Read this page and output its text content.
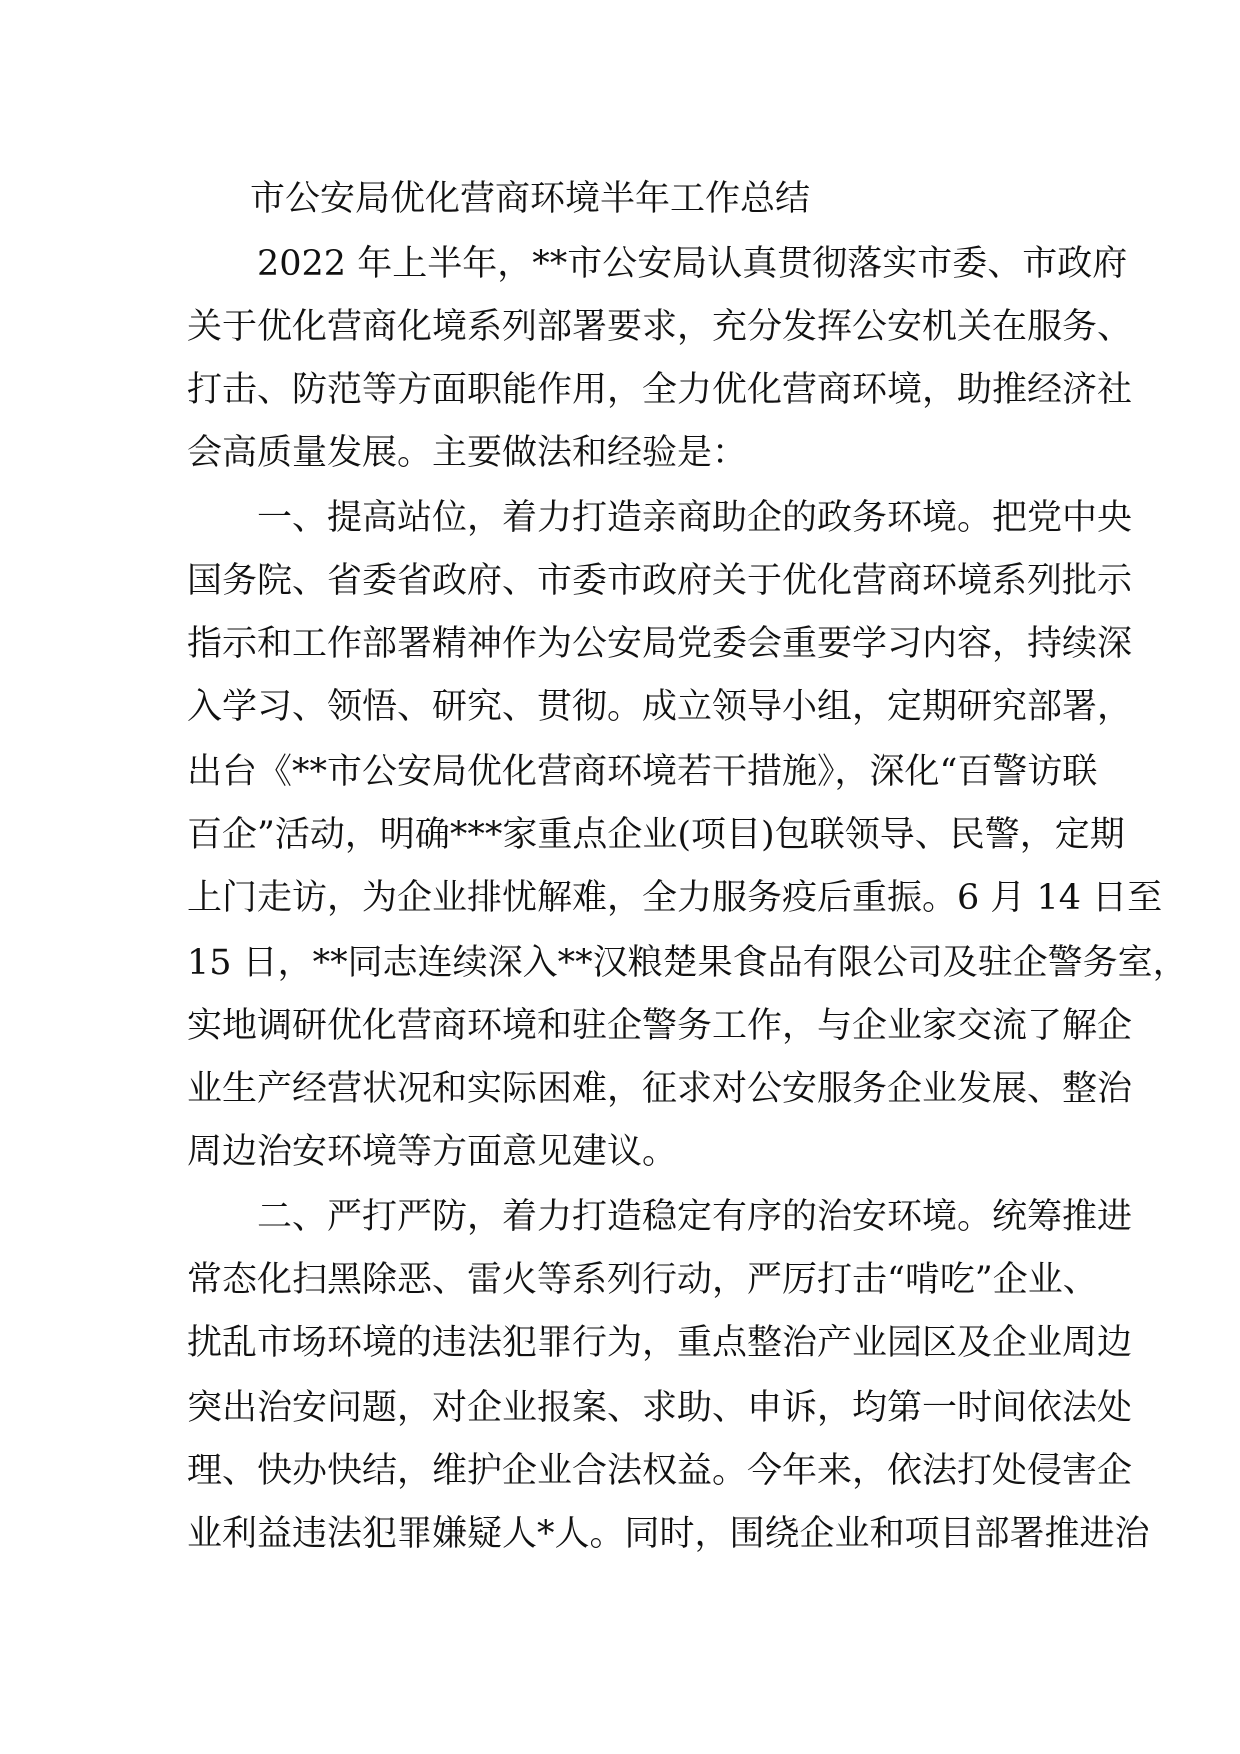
市公安局优化营商环境半年工作总结

　　2022 年上半年，**市公安局认真贯彻落实市委、市政府

关于优化营商化境系列部署要求，充分发挥公安机关在服务、

打击、防范等方面职能作用，全力优化营商环境，助推经济社

会高质量发展。主要做法和经验是：

　　一、提高站位，着力打造亲商助企的政务环境。把党中央

国务院、省委省政府、市委市政府关于优化营商环境系列批示

指示和工作部署精神作为公安局党委会重要学习内容，持续深

入学习、领悟、研究、贯彻。成立领导小组，定期研究部署，

出台《**市公安局优化营商环境若干措施》，深化“百警访联

百企”活动，明确***家重点企业(项目)包联领导、民警，定期

上门走访，为企业排忧解难，全力服务疫后重振。6 月 14 日至

15 日，**同志连续深入**汉粮楚果食品有限公司及驻企警务室，

实地调研优化营商环境和驻企警务工作，与企业家交流了解企

业生产经营状况和实际困难，征求对公安服务企业发展、整治

周边治安环境等方面意见建议。

　　二、严打严防，着力打造稳定有序的治安环境。统筹推进

常态化扫黑除恶、雷火等系列行动，严厉打击“啃吃”企业、

扰乱市场环境的违法犯罪行为，重点整治产业园区及企业周边

突出治安问题，对企业报案、求助、申诉，均第一时间依法处

理、快办快结，维护企业合法权益。今年来，依法打处侵害企

业利益违法犯罪嫌疑人*人。同时，围绕企业和项目部署推进治
